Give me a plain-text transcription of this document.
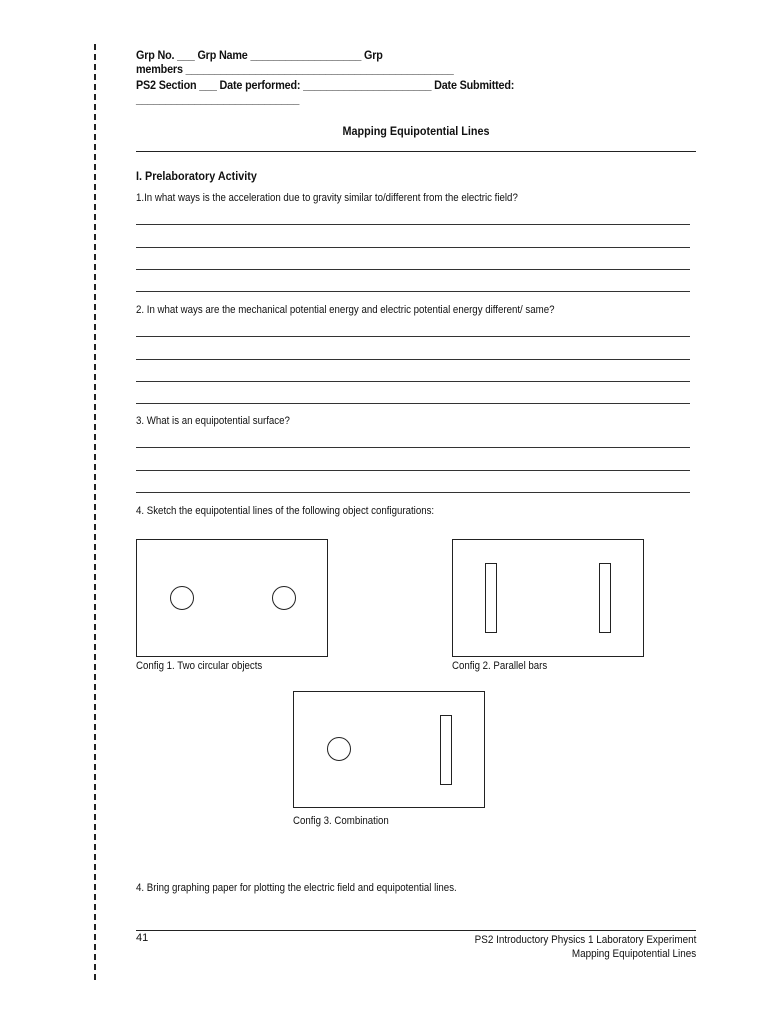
Grp No. ___ Grp Name ___________________ Grp
members ______________________________________________
PS2 Section ___ Date performed: ______________________ Date Submitted:
____________________________
Mapping Equipotential Lines
I. Prelaboratory Activity
1.In what ways is the acceleration due to gravity similar to/different from the electric field?
2. In what ways are the mechanical potential energy and electric potential energy different/ same?
3. What is an equipotential surface?
4. Sketch the equipotential lines of the following object configurations:
Config 1. Two circular objects	Config 2. Parallel bars
Config 3. Combination
4. Bring graphing paper for plotting the electric field and equipotential lines.
41	PS2 Introductory Physics 1 Laboratory Experiment
Mapping Equipotential Lines
